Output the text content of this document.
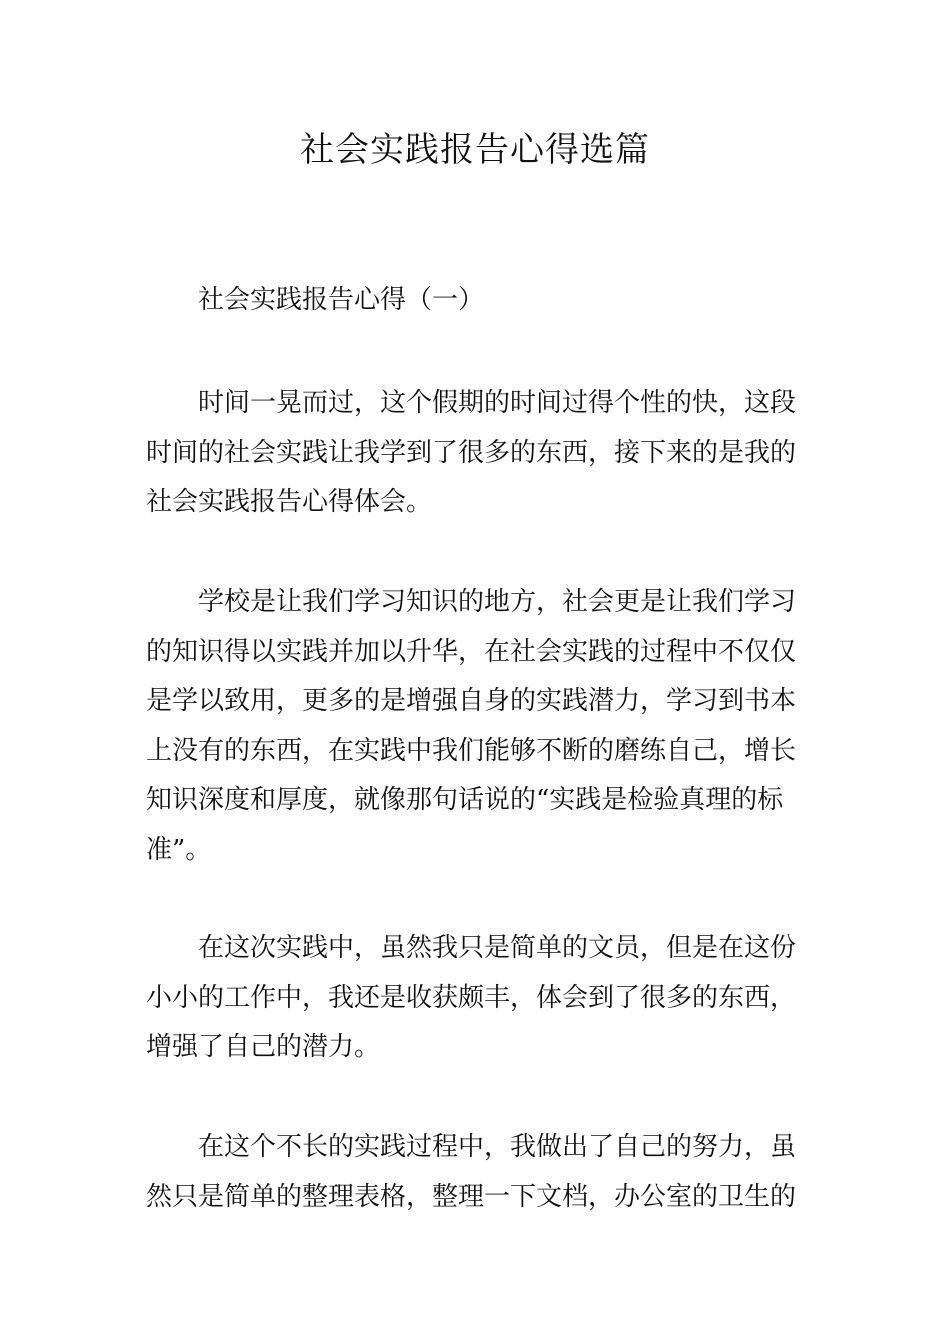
社会实践报告心得选篇

社会实践报告心得（一）

时间一晃而过，这个假期的时间过得个性的快，这段
时间的社会实践让我学到了很多的东西，接下来的是我的
社会实践报告心得体会。

学校是让我们学习知识的地方，社会更是让我们学习
的知识得以实践并加以升华，在社会实践的过程中不仅仅
是学以致用，更多的是增强自身的实践潜力，学习到书本
上没有的东西，在实践中我们能够不断的磨练自己，增长
知识深度和厚度，就像那句话说的“实践是检验真理的标
准”。

在这次实践中，虽然我只是简单的文员，但是在这份
小小的工作中，我还是收获颇丰，体会到了很多的东西，
增强了自己的潜力。

在这个不长的实践过程中，我做出了自己的努力，虽
然只是简单的整理表格，整理一下文档，办公室的卫生的
